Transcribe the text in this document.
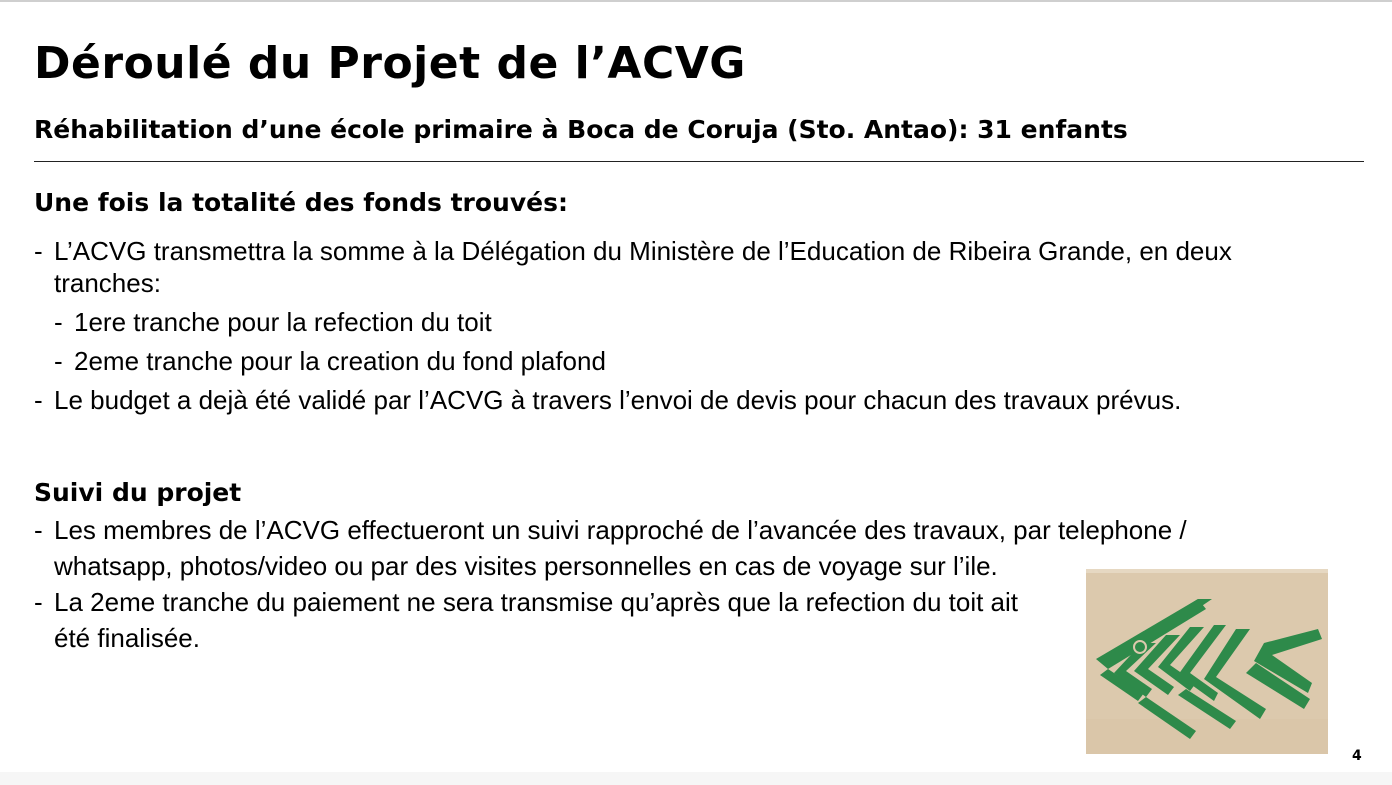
Déroulé du Projet de l’ACVG
Réhabilitation d’une école primaire à Boca de Coruja (Sto. Antao): 31 enfants
Une fois la totalité des fonds trouvés:
- L’ACVG transmettra la somme à la Délégation du Ministère de l’Education de Ribeira Grande, en deux tranches:
- 1ere tranche pour la refection du toit
- 2eme tranche pour la creation du fond plafond
- Le budget a dejà été validé par l’ACVG à travers l’envoi de devis pour chacun des travaux prévus.
Suivi du projet
- Les membres de l’ACVG effectueront un suivi rapproché de l’avancée des travaux, par telephone /
whatsapp, photos/video ou par des visites personnelles en cas de voyage sur l’ile.
- La 2eme tranche du paiement ne sera transmise qu’après que la refection du toit ait été finalisée.
4
